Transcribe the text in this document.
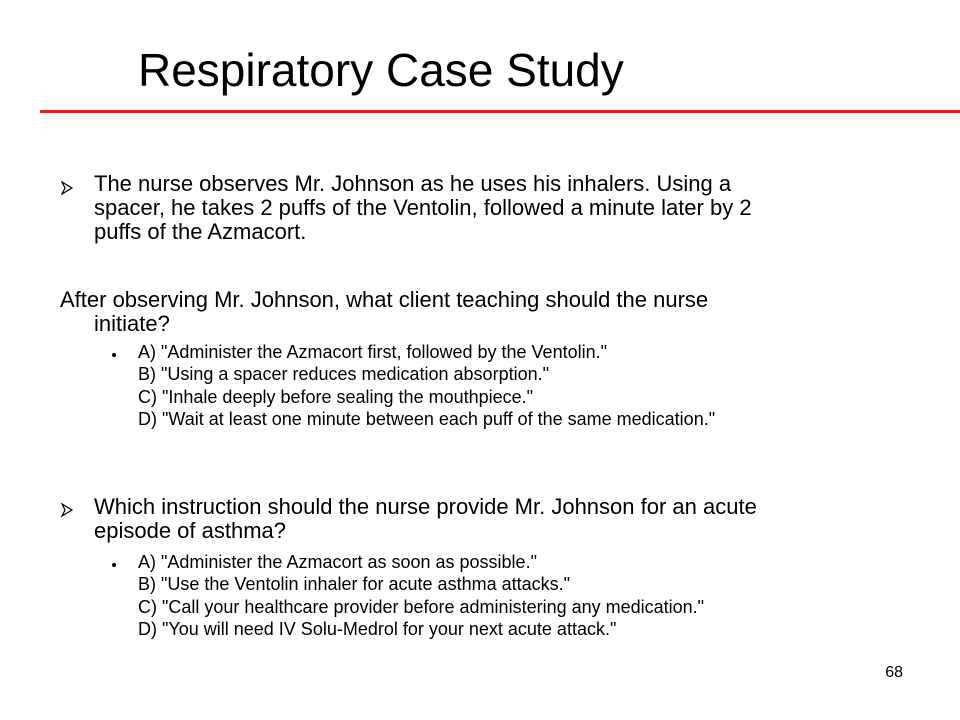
Respiratory Case Study
The nurse observes Mr. Johnson as he uses his inhalers. Using a
spacer, he takes 2 puffs of the Ventolin, followed a minute later by 2
puffs of the Azmacort.
After observing Mr. Johnson, what client teaching should the nurse
initiate?
A) "Administer the Azmacort first, followed by the Ventolin."
B) "Using a spacer reduces medication absorption."
C) "Inhale deeply before sealing the mouthpiece."
D) "Wait at least one minute between each puff of the same medication."
Which instruction should the nurse provide Mr. Johnson for an acute
episode of asthma?
A) "Administer the Azmacort as soon as possible."
B) "Use the Ventolin inhaler for acute asthma attacks."
C) "Call your healthcare provider before administering any medication."
D) "You will need IV Solu-Medrol for your next acute attack."
68
